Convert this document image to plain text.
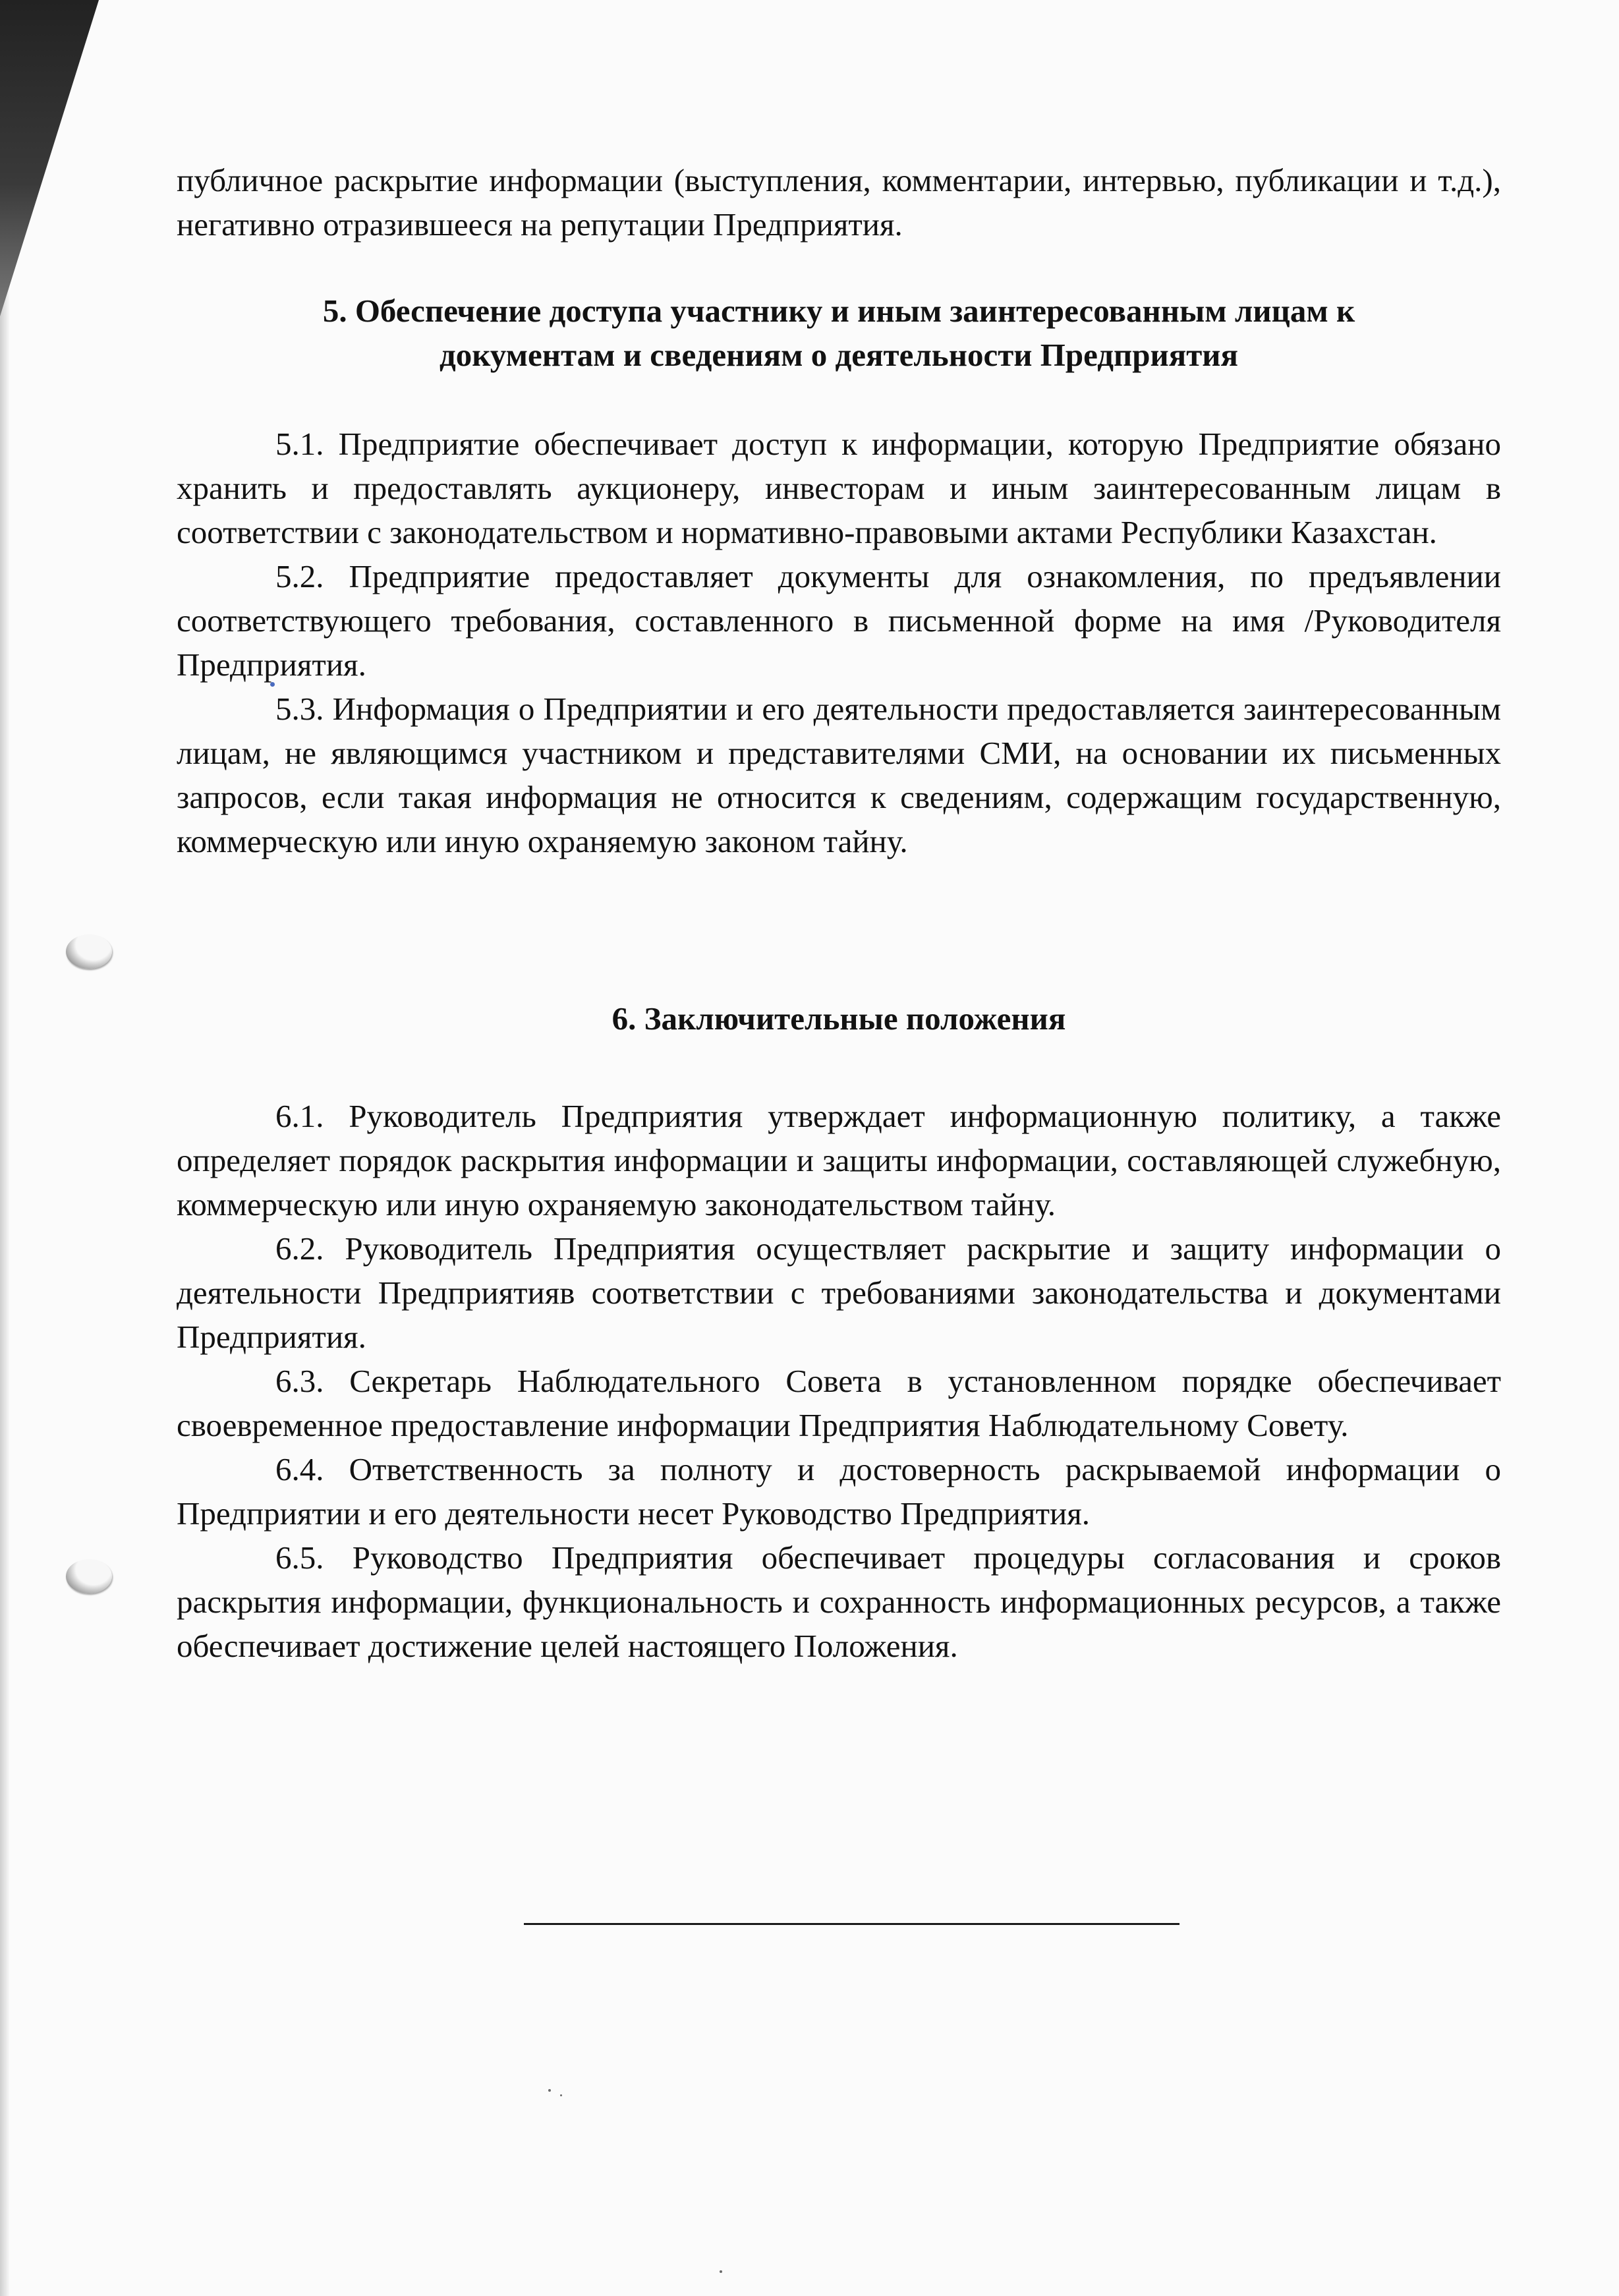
публичное раскрытие информации (выступления, комментарии, интервью, публикации и т.д.), негативно отразившееся на репутации Предприятия.

5. Обеспечение доступа участнику и иным заинтересованным лицам к

документам и сведениям о деятельности Предприятия

5.1. Предприятие обеспечивает доступ к информации, которую Предприятие обязано хранить и предоставлять аукционеру, инвесторам и иным заинтересованным лицам в соответствии с законодательством и нормативно-правовыми актами Республики Казахстан.

5.2. Предприятие предоставляет документы для ознакомления, по предъявлении соответствующего требования, составленного в письменной форме на имя /Руководителя Предприятия.

5.3. Информация о Предприятии и его деятельности предоставляется заинтересованным лицам, не являющимся участником и представителями СМИ, на основании их письменных запросов, если такая информация не относится к сведениям, содержащим государственную, коммерческую или иную охраняемую законом тайну.

6. Заключительные положения

6.1. Руководитель Предприятия утверждает информационную политику, а также определяет порядок раскрытия информации и защиты информации, составляющей служебную, коммерческую или иную охраняемую законодательством тайну.

6.2. Руководитель Предприятия осуществляет раскрытие и защиту информации о деятельности Предприятияв соответствии с требованиями законодательства и документами Предприятия.

6.3. Секретарь Наблюдательного Совета в установленном порядке обеспечивает своевременное предоставление информации Предприятия Наблюдательному Совету.

6.4. Ответственность за полноту и достоверность раскрываемой информации о Предприятии и его деятельности несет Руководство Предприятия.

6.5. Руководство Предприятия обеспечивает процедуры согласования и сроков раскрытия информации, функциональность и сохранность информационных ресурсов, а также обеспечивает достижение целей настоящего Положения.
